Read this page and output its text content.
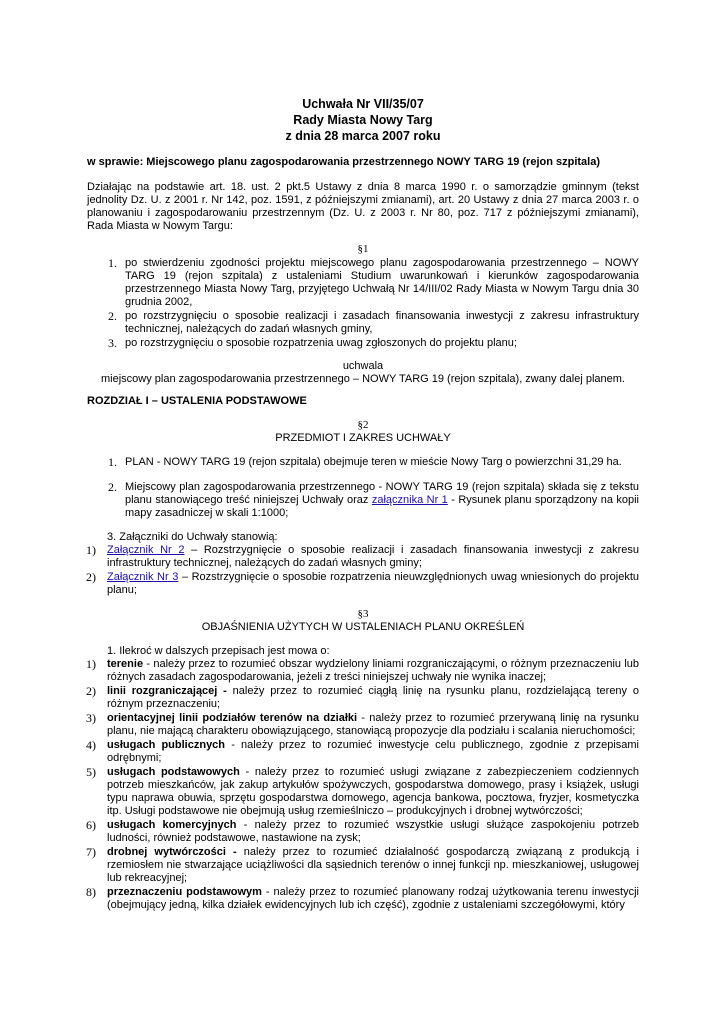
Uchwała Nr VII/35/07
Rady Miasta Nowy Targ
z dnia 28 marca 2007 roku

w sprawie: Miejscowego planu zagospodarowania przestrzennego NOWY TARG 19 (rejon szpitala)

Działając na podstawie art. 18. ust. 2 pkt.5 Ustawy z dnia 8 marca 1990 r. o samorządzie gminnym (tekst jednolity Dz. U. z 2001 r. Nr 142, poz. 1591, z późniejszymi zmianami), art. 20 Ustawy z dnia 27 marca 2003 r. o planowaniu i zagospodarowaniu przestrzennym (Dz. U. z 2003 r. Nr 80, poz. 717 z późniejszymi zmianami), Rada Miasta w Nowym Targu:

§1
1. po stwierdzeniu zgodności projektu miejscowego planu zagospodarowania przestrzennego – NOWY TARG 19 (rejon szpitala) z ustaleniami Studium uwarunkowań i kierunków zagospodarowania przestrzennego Miasta Nowy Targ, przyjętego Uchwałą Nr 14/III/02 Rady Miasta w Nowym Targu dnia 30 grudnia 2002,
2. po rozstrzygnięciu o sposobie realizacji i zasadach finansowania inwestycji z zakresu infrastruktury technicznej, należących do zadań własnych gminy,
3. po rozstrzygnięciu o sposobie rozpatrzenia uwag zgłoszonych do projektu planu;
uchwala
miejscowy plan zagospodarowania przestrzennego – NOWY TARG 19 (rejon szpitala), zwany dalej planem.
ROZDZIAŁ I – USTALENIA PODSTAWOWE
§2
PRZEDMIOT I ZAKRES UCHWAŁY
1. PLAN - NOWY TARG 19 (rejon szpitala) obejmuje teren w mieście Nowy Targ o powierzchni 31,29 ha.
2. Miejscowy plan zagospodarowania przestrzennego - NOWY TARG 19 (rejon szpitala) składa się z tekstu planu stanowiącego treść niniejszej Uchwały oraz załącznika Nr 1 - Rysunek planu sporządzony na kopii mapy zasadniczej w skali 1:1000;
3. Załączniki do Uchwały stanowią:
1) Załącznik Nr 2 – Rozstrzygnięcie o sposobie realizacji i zasadach finansowania inwestycji z zakresu infrastruktury technicznej, należących do zadań własnych gminy;
2) Załącznik Nr 3 – Rozstrzygnięcie o sposobie rozpatrzenia nieuwzględnionych uwag wniesionych do projektu planu;
§3
OBJAŚNIENIA UŻYTYCH W USTALENIACH PLANU OKREŚLEŃ
1. Ilekroć w dalszych przepisach jest mowa o:
1) terenie - należy przez to rozumieć obszar wydzielony liniami rozgraniczającymi, o różnym przeznaczeniu lub różnych zasadach zagospodarowania, jeżeli z treści niniejszej uchwały nie wynika inaczej;
2) linii rozgraniczającej - należy przez to rozumieć ciągłą linię na rysunku planu, rozdzielającą tereny o różnym przeznaczeniu;
3) orientacyjnej linii podziałów terenów na działki - należy przez to rozumieć przerywaną linię na rysunku planu, nie mającą charakteru obowiązującego, stanowiącą propozycje dla podziału i scalania nieruchomości;
4) usługach publicznych - należy przez to rozumieć inwestycje celu publicznego, zgodnie z przepisami odrębnymi;
5) usługach podstawowych - należy przez to rozumieć usługi związane z zabezpieczeniem codziennych potrzeb mieszkańców, jak zakup artykułów spożywczych, gospodarstwa domowego, prasy i książek, usługi typu naprawa obuwia, sprzętu gospodarstwa domowego, agencja bankowa, pocztowa, fryzjer, kosmetyczka itp. Usługi podstawowe nie obejmują usług rzemieślniczo – produkcyjnych i drobnej wytwórczości;
6) usługach komercyjnych - należy przez to rozumieć wszystkie usługi służące zaspokojeniu potrzeb ludności, również podstawowe, nastawione na zysk;
7) drobnej wytwórczości - należy przez to rozumieć działalność gospodarczą związaną z produkcją i rzemiosłem nie stwarzające uciążliwości dla sąsiednich terenów o innej funkcji np. mieszkaniowej, usługowej lub rekreacyjnej;
8) przeznaczeniu podstawowym - należy przez to rozumieć planowany rodzaj użytkowania terenu inwestycji (obejmujący jedną, kilka działek ewidencyjnych lub ich część), zgodnie z ustaleniami szczegółowymi, który
